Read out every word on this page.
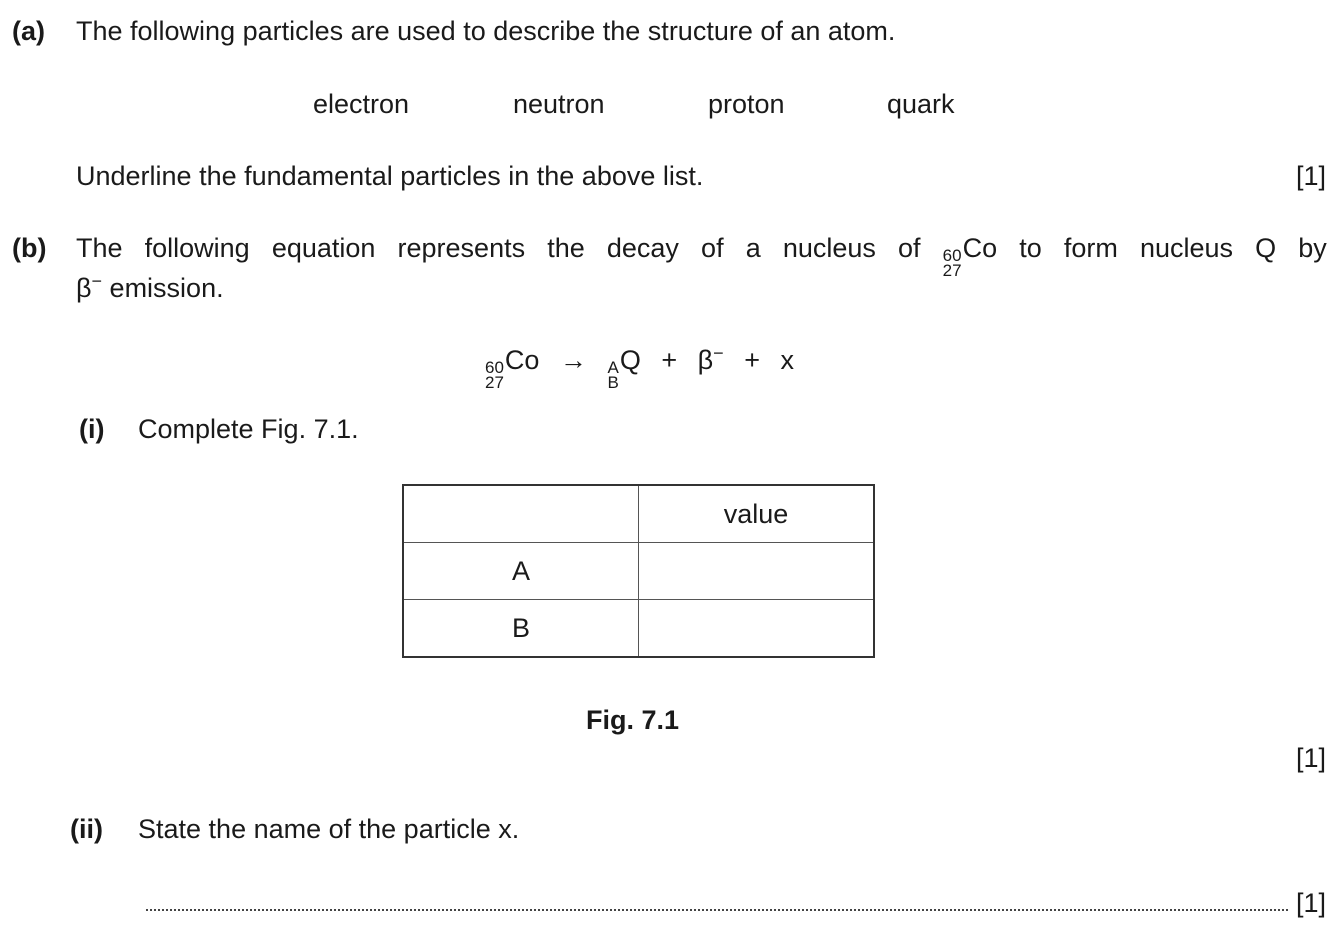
(a) The following particles are used to describe the structure of an atom.
electron	neutron	proton	quark
Underline the fundamental particles in the above list.	[1]
(b) The following equation represents the decay of a nucleus of 60
27
Co to form nucleus Q by
β− emission.
60
27
Co → A
B
Q + β− + x
(i) Complete Fig. 7.1.
	value
A	
B	
Fig. 7.1
[1]
(ii) State the name of the particle x.
[1]
